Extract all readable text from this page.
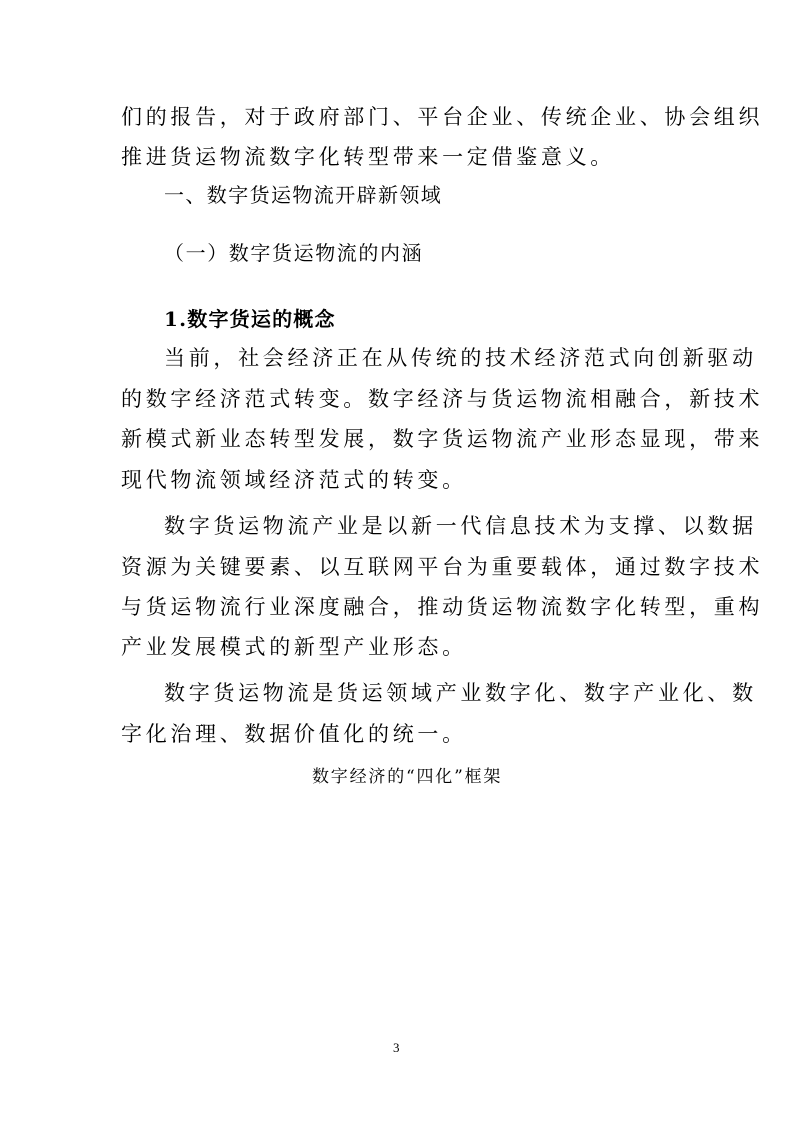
们的报告，对于政府部门、平台企业、传统企业、协会组织
推进货运物流数字化转型带来一定借鉴意义。
一、数字货运物流开辟新领域
（一）数字货运物流的内涵
1.数字货运的概念
当前，社会经济正在从传统的技术经济范式向创新驱动
的数字经济范式转变。数字经济与货运物流相融合，新技术
新模式新业态转型发展，数字货运物流产业形态显现，带来
现代物流领域经济范式的转变。
数字货运物流产业是以新一代信息技术为支撑、以数据
资源为关键要素、以互联网平台为重要载体，通过数字技术
与货运物流行业深度融合，推动货运物流数字化转型，重构
产业发展模式的新型产业形态。
数字货运物流是货运领域产业数字化、数字产业化、数
字化治理、数据价值化的统一。
数字经济的“四化”框架
3
